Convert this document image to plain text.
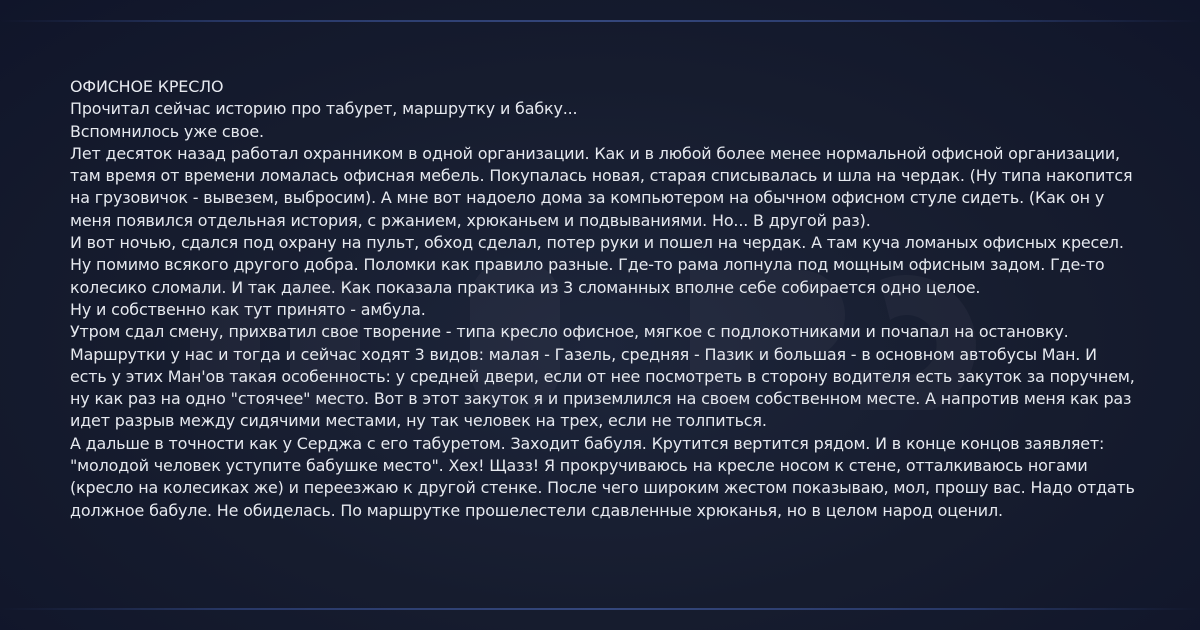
ОФИСНОЕ КРЕСЛО
Прочитал сейчас историю про табурет, маршрутку и бабку...
Вспомнилось уже свое.
Лет десяток назад работал охранником в одной организации. Как и в любой более менее нормальной офисной организации,
там время от времени ломалась офисная мебель. Покупалась новая, старая списывалась и шла на чердак. (Ну типа накопится
на грузовичок - вывезем, выбросим). А мне вот надоело дома за компьютером на обычном офисном стуле сидеть. (Как он у
меня появился отдельная история, с ржанием, хрюканьем и подвываниями. Но... В другой раз).
И вот ночью, сдался под охрану на пульт, обход сделал, потер руки и пошел на чердак. А там куча ломаных офисных кресел.
Ну помимо всякого другого добра. Поломки как правило разные. Где-то рама лопнула под мощным офисным задом. Где-то
колесико сломали. И так далее. Как показала практика из 3 сломанных вполне себе собирается одно целое.
Ну и собственно как тут принято - амбула.
Утром сдал смену, прихватил свое творение - типа кресло офисное, мягкое с подлокотниками и почапал на остановку.
Маршрутки у нас и тогда и сейчас ходят 3 видов: малая - Газель, средняя - Пазик и большая - в основном автобусы Ман. И
есть у этих Ман'ов такая особенность: у средней двери, если от нее посмотреть в сторону водителя есть закуток за поручнем,
ну как раз на одно "стоячее" место. Вот в этот закуток я и приземлился на своем собственном месте. А напротив меня как раз
идет разрыв между сидячими местами, ну так человек на трех, если не толпиться.
А дальше в точности как у Серджа с его табуретом. Заходит бабуля. Крутится вертится рядом. И в конце концов заявляет:
"молодой человек уступите бабушке место". Хех! Щазз! Я прокручиваюсь на кресле носом к стене, отталкиваюсь ногами
(кресло на колесиках же) и переезжаю к другой стенке. После чего широким жестом показываю, мол, прошу вас. Надо отдать
должное бабуле. Не обиделась. По маршрутке прошелестели сдавленные хрюканья, но в целом народ оценил.
